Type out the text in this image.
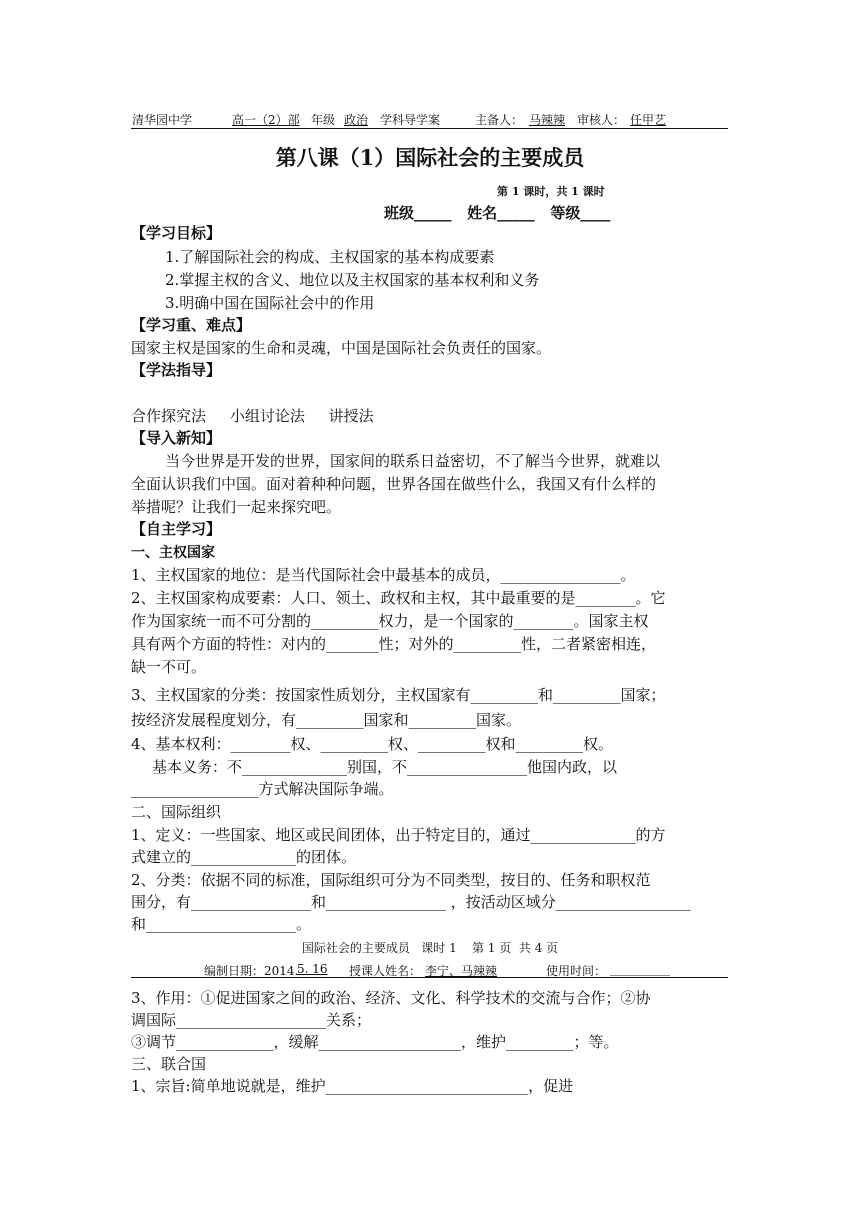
清华园中学	高一（2）部 年级 政治 学科导学案	主备人： 马辣辣 审核人： 任甲艺
第八课（1）国际社会的主要成员
第 1 课时，共 1 课时
班级_____   姓名_____   等级____
【学习目标】
1.了解国际社会的构成、主权国家的基本构成要素
2.掌握主权的含义、地位以及主权国家的基本权利和义务
3.明确中国在国际社会中的作用
【学习重、难点】
国家主权是国家的生命和灵魂，中国是国际社会负责任的国家。
【学法指导】
合作探究法     小组讨论法     讲授法
【导入新知】
当今世界是开发的世界，国家间的联系日益密切，不了解当今世界，就难以
全面认识我们中国。面对着种种问题，世界各国在做些什么，我国又有什么样的
举措呢？让我们一起来探究吧。
【自主学习】
一、主权国家
1、主权国家的地位：是当代国际社会中最基本的成员，________________。
2、主权国家构成要素：人口、领土、政权和主权，其中最重要的是________。它
作为国家统一而不可分割的_________权力，是一个国家的________。国家主权
具有两个方面的特性：对内的_______性；对外的_________性，二者紧密相连，
缺一不可。
3、主权国家的分类：按国家性质划分，主权国家有_________和_________国家；
按经济发展程度划分，有_________国家和_________国家。
4、基本权利：________权、_________权、_________权和_________权。
基本义务：不______________别国，不________________他国内政，以
_________________方式解决国际争端。
二、国际组织
1、定义：一些国家、地区或民间团体，出于特定目的，通过______________的方
式建立的______________的团体。
2、分类：依据不同的标准，国际组织可分为不同类型，按目的、任务和职权范
围分，有________________和________________ ，按活动区域分__________________
和____________________。
国际社会的主要成员   课时 1    第 1 页  共 4 页
编制日期：2014.
5. 16 授课人姓名： 李宁、马辣辣	使用时间： __________
3、作用：①促进国家之间的政治、经济、文化、科学技术的交流与合作；②协
调国际____________________关系；
③调节_____________，缓解___________________，维护_________；等。
三、联合国
1、宗旨:简单地说就是，维护___________________________，促进
